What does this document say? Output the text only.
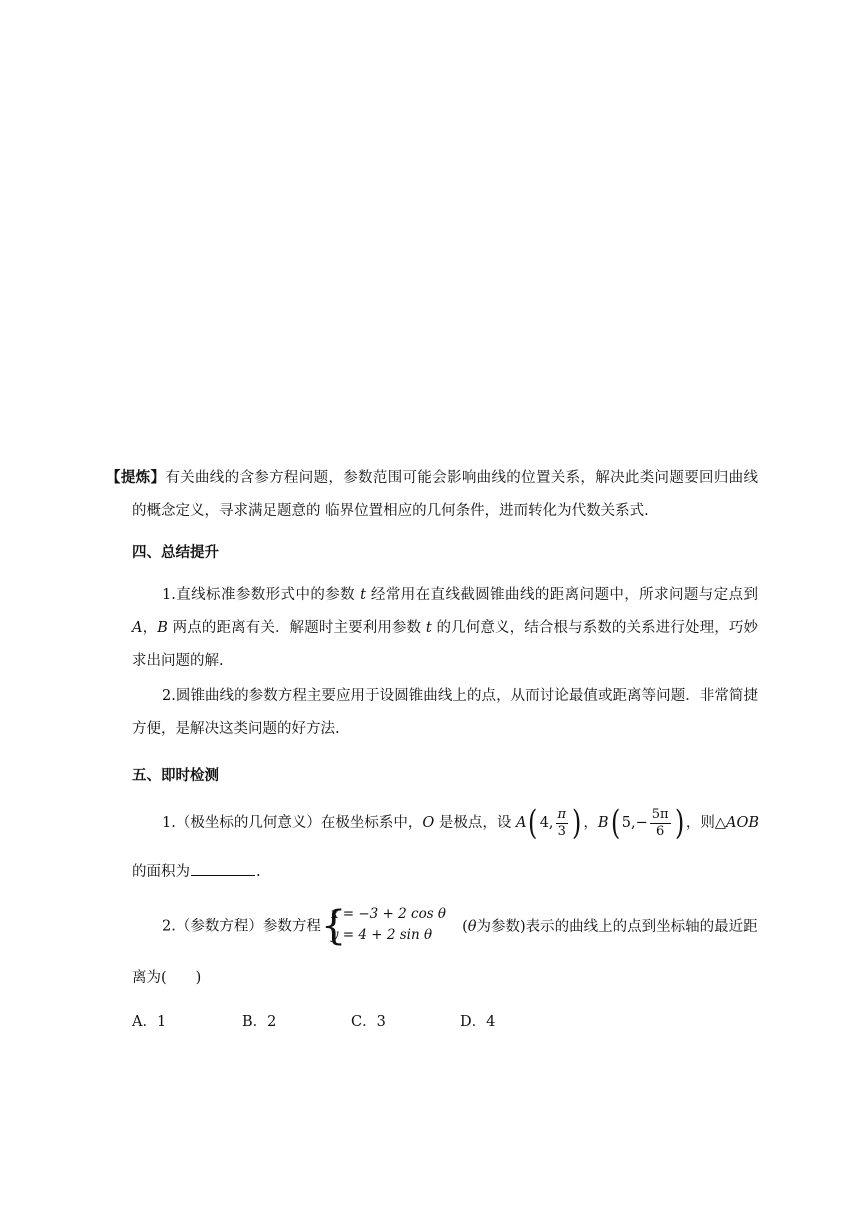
【提炼】有关曲线的含参方程问题，参数范围可能会影响曲线的位置关系，解决此类问题要回归曲线的概念定义，寻求满足题意的 临界位置相应的几何条件，进而转化为代数关系式.
四、总结提升
1.直线标准参数形式中的参数 t 经常用在直线截圆锥曲线的距离问题中，所求问题与定点到 A，B 两点的距离有关．解题时主要利用参数 t 的几何意义，结合根与系数的关系进行处理，巧妙求出问题的解.
2.圆锥曲线的参数方程主要应用于设圆锥曲线上的点，从而讨论最值或距离等问题．非常简捷方便，是解决这类问题的好方法.
五、即时检测
1.（极坐标的几何意义）在极坐标系中，O 是极点，设 A( 4, $\frac{\pi}{3}$ ) ，B( $5,- \frac{5\pi}{6}$ ) ，则△AOB
的面积为	.
2.（参数方程）参数方程 {
x = −3 + 2 cos θ
y = 4 + 2 sin θ
(θ为参数)表示的曲线上的点到坐标轴的最近距
离为(　　)
A．1	B．2	C．3	D．4
